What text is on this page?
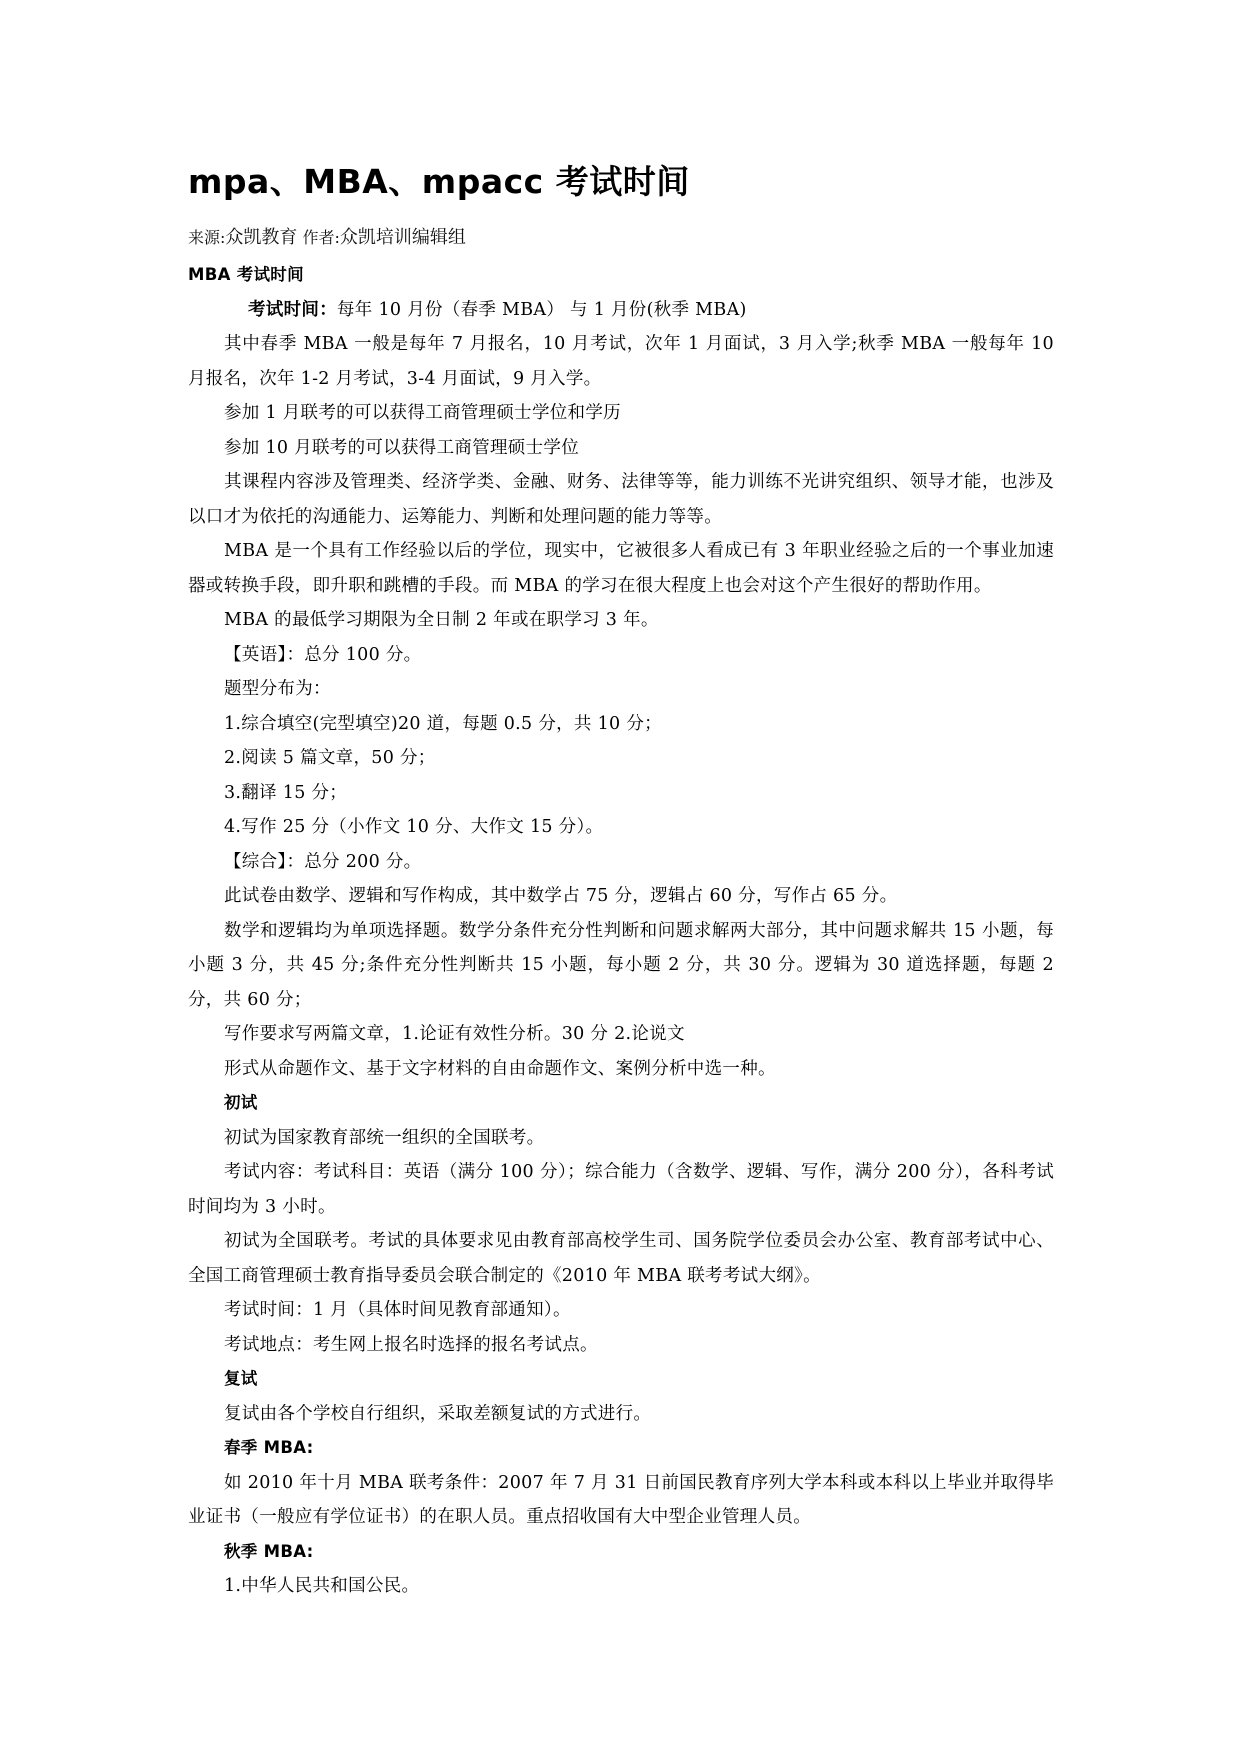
mpa、MBA、mpacc 考试时间
来源:众凯教育 作者:众凯培训编辑组

MBA 考试时间

考试时间：每年 10 月份（春季 MBA） 与 1 月份(秋季 MBA)

其中春季 MBA 一般是每年 7 月报名，10 月考试，次年 1 月面试，3 月入学;秋季 MBA 一般每年 10 月报名，次年 1-2 月考试，3-4 月面试，9 月入学。

参加 1 月联考的可以获得工商管理硕士学位和学历

参加 10 月联考的可以获得工商管理硕士学位

其课程内容涉及管理类、经济学类、金融、财务、法律等等，能力训练不光讲究组织、领导才能，也涉及以口才为依托的沟通能力、运筹能力、判断和处理问题的能力等等。

MBA 是一个具有工作经验以后的学位，现实中，它被很多人看成已有 3 年职业经验之后的一个事业加速器或转换手段，即升职和跳槽的手段。而 MBA 的学习在很大程度上也会对这个产生很好的帮助作用。

MBA 的最低学习期限为全日制 2 年或在职学习 3 年。

【英语】：总分 100 分。

题型分布为：

1.综合填空(完型填空)20 道，每题 0.5 分，共 10 分；

2.阅读 5 篇文章，50 分；

3.翻译 15 分；

4.写作 25 分（小作文 10 分、大作文 15 分）。

【综合】：总分 200 分。

此试卷由数学、逻辑和写作构成，其中数学占 75 分，逻辑占 60 分，写作占 65 分。

数学和逻辑均为单项选择题。数学分条件充分性判断和问题求解两大部分，其中问题求解共 15 小题，每小题 3 分，共 45 分;条件充分性判断共 15 小题，每小题 2 分，共 30 分。逻辑为 30 道选择题，每题 2 分，共 60 分；

写作要求写两篇文章，1.论证有效性分析。30 分 2.论说文

形式从命题作文、基于文字材料的自由命题作文、案例分析中选一种。

初试

初试为国家教育部统一组织的全国联考。

考试内容：考试科目：英语（满分 100 分）；综合能力（含数学、逻辑、写作，满分 200 分），各科考试时间均为 3 小时。

初试为全国联考。考试的具体要求见由教育部高校学生司、国务院学位委员会办公室、教育部考试中心、全国工商管理硕士教育指导委员会联合制定的《2010 年 MBA 联考考试大纲》。

考试时间：1 月（具体时间见教育部通知）。

考试地点：考生网上报名时选择的报名考试点。

复试

复试由各个学校自行组织，采取差额复试的方式进行。

春季 MBA:

如 2010 年十月 MBA 联考条件：2007 年 7 月 31 日前国民教育序列大学本科或本科以上毕业并取得毕业证书（一般应有学位证书）的在职人员。重点招收国有大中型企业管理人员。

秋季 MBA:

1.中华人民共和国公民。
